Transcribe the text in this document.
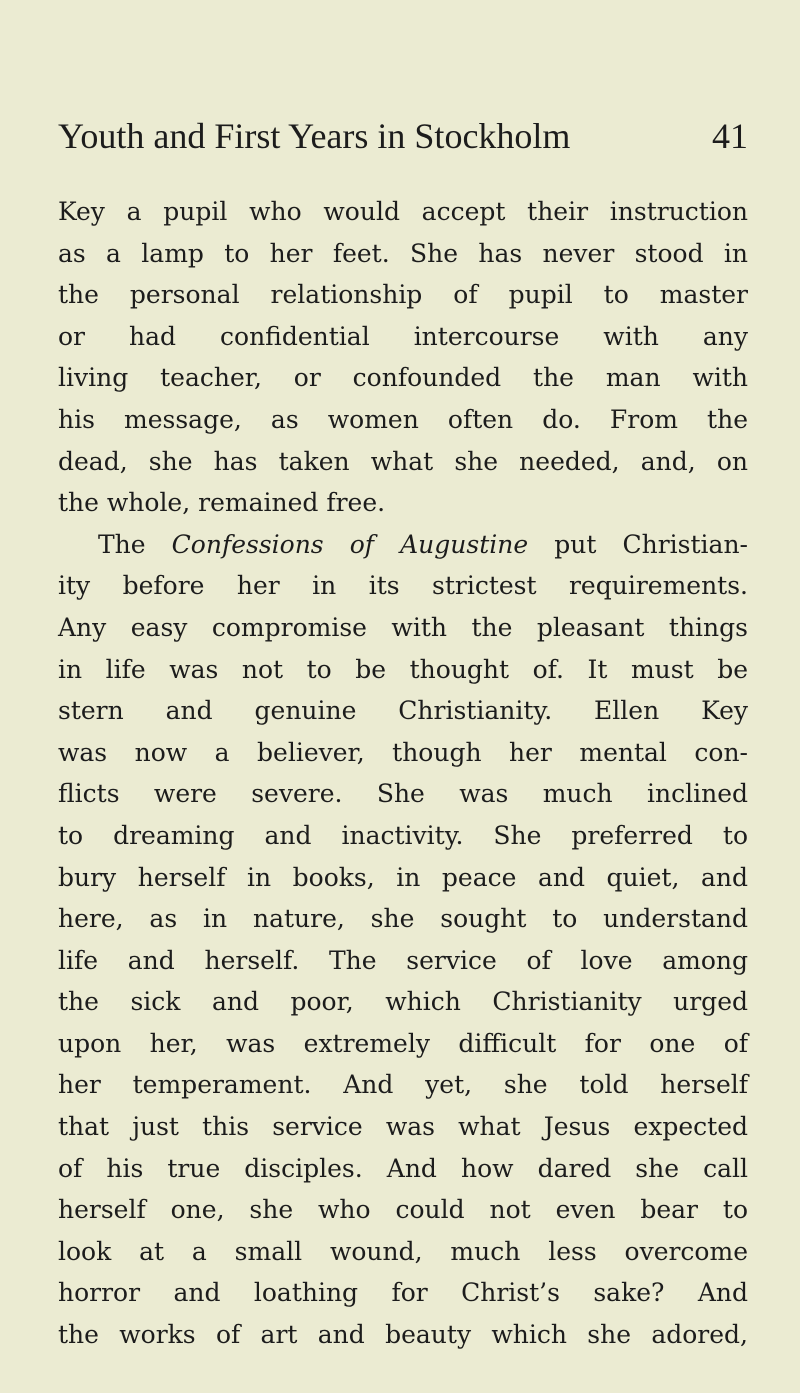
Youth and First Years in Stockholm	41
Key a pupil who would accept their instruction
as a lamp to her feet. She has never stood in
the personal relationship of pupil to master
or had confidential intercourse with any
living teacher, or confounded the man with
his message, as women often do. From the
dead, she has taken what she needed, and, on
the whole, remained free.
The Confessions of Augustine put Christian-
ity before her in its strictest requirements.
Any easy compromise with the pleasant things
in life was not to be thought of. It must be
stern and genuine Christianity. Ellen Key
was now a believer, though her mental con-
flicts were severe. She was much inclined
to dreaming and inactivity. She preferred to
bury herself in books, in peace and quiet, and
here, as in nature, she sought to understand
life and herself. The service of love among
the sick and poor, which Christianity urged
upon her, was extremely difficult for one of
her temperament. And yet, she told herself
that just this service was what Jesus expected
of his true disciples. And how dared she call
herself one, she who could not even bear to
look at a small wound, much less overcome
horror and loathing for Christ’s sake? And
the works of art and beauty which she adored,
